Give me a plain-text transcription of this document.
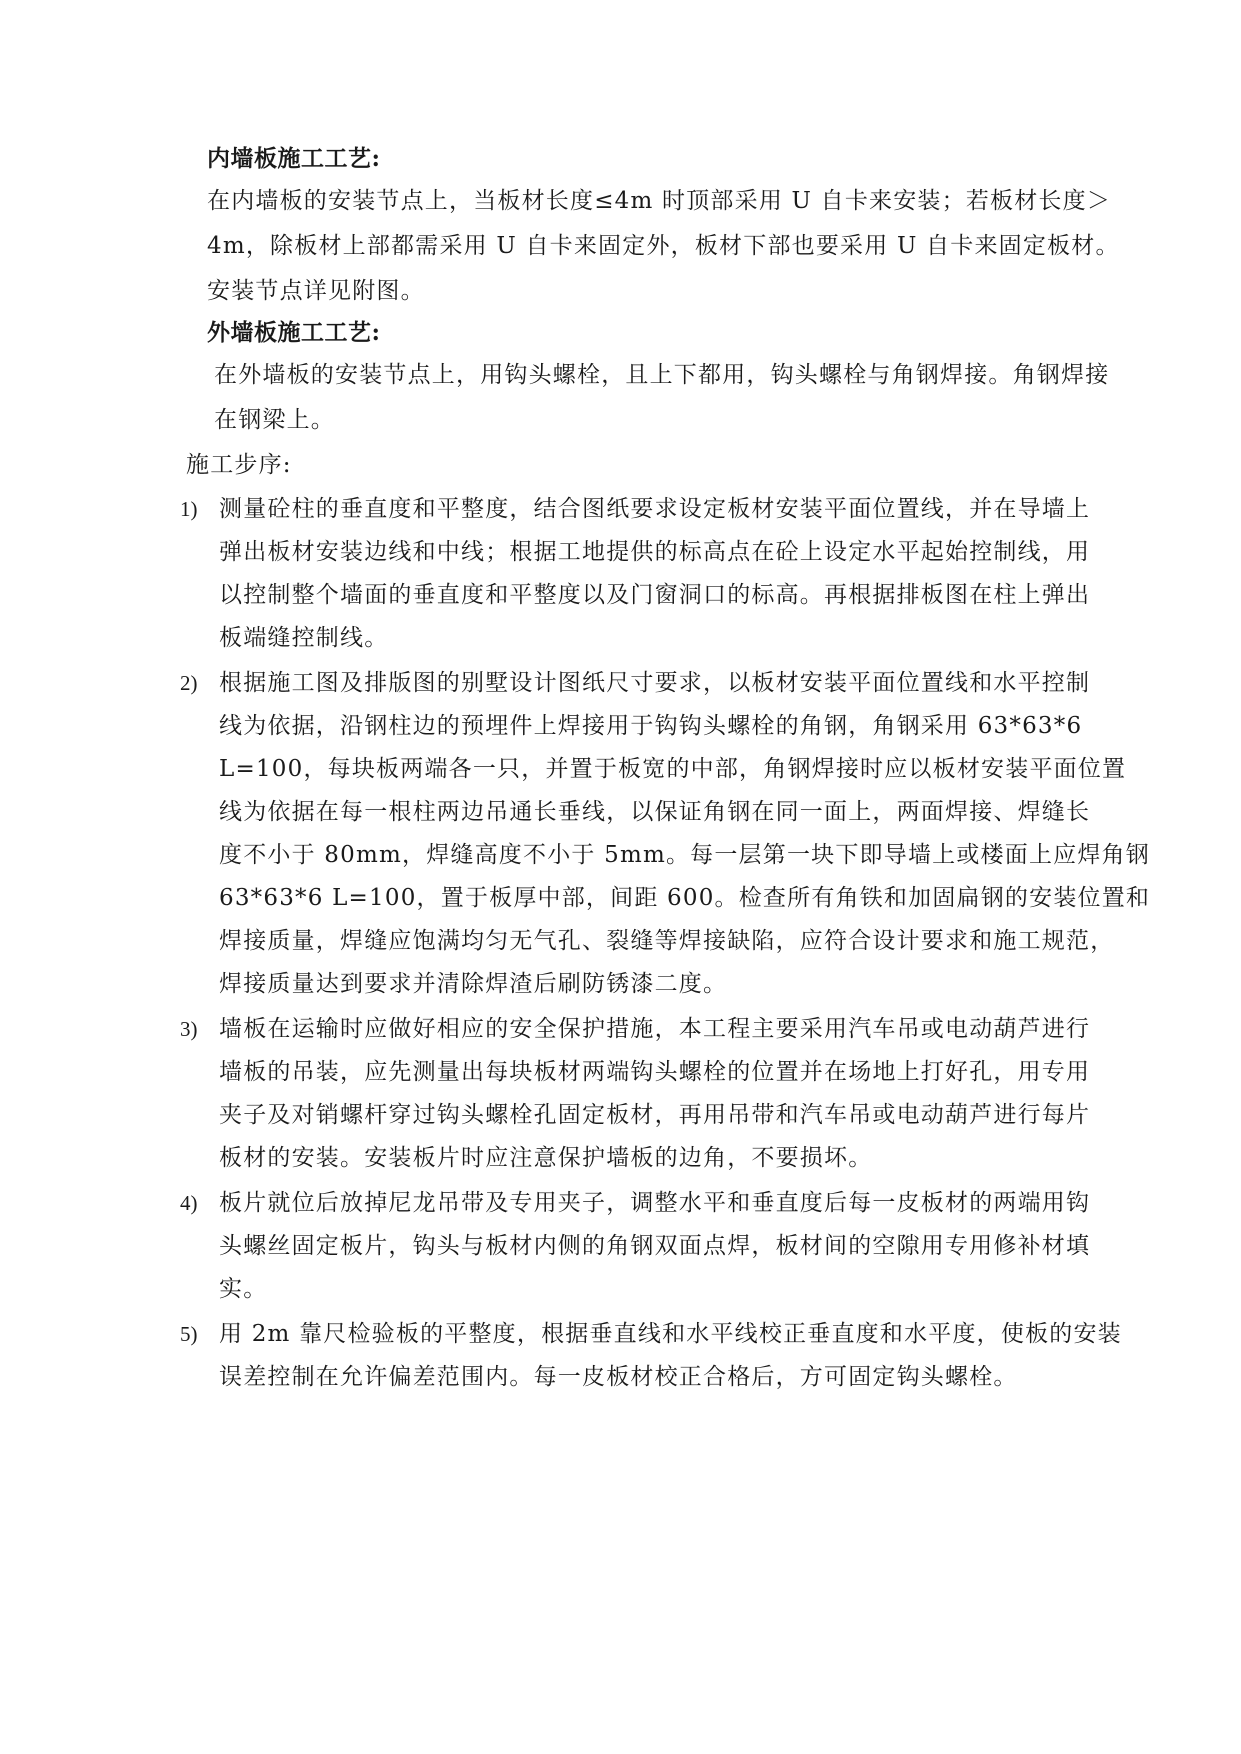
内墙板施工工艺:
在内墙板的安装节点上，当板材长度≤4m 时顶部采用 U 自卡来安装；若板材长度＞
4m，除板材上部都需采用 U 自卡来固定外，板材下部也要采用 U 自卡来固定板材。
安装节点详见附图。
外墙板施工工艺:
在外墙板的安装节点上，用钩头螺栓，且上下都用，钩头螺栓与角钢焊接。角钢焊接
在钢梁上。
施工步序:
1) 测量砼柱的垂直度和平整度，结合图纸要求设定板材安装平面位置线，并在导墙上
弹出板材安装边线和中线；根据工地提供的标高点在砼上设定水平起始控制线，用
以控制整个墙面的垂直度和平整度以及门窗洞口的标高。再根据排板图在柱上弹出
板端缝控制线。
2) 根据施工图及排版图的别墅设计图纸尺寸要求，以板材安装平面位置线和水平控制
线为依据，沿钢柱边的预埋件上焊接用于钩钩头螺栓的角钢，角钢采用 63*63*6
L=100，每块板两端各一只，并置于板宽的中部，角钢焊接时应以板材安装平面位置
线为依据在每一根柱两边吊通长垂线，以保证角钢在同一面上，两面焊接、焊缝长
度不小于 80mm，焊缝高度不小于 5mm。每一层第一块下即导墙上或楼面上应焊角钢
63*63*6 L=100，置于板厚中部，间距 600。检查所有角铁和加固扁钢的安装位置和
焊接质量，焊缝应饱满均匀无气孔、裂缝等焊接缺陷，应符合设计要求和施工规范，
焊接质量达到要求并清除焊渣后刷防锈漆二度。
3) 墙板在运输时应做好相应的安全保护措施，本工程主要采用汽车吊或电动葫芦进行
墙板的吊装，应先测量出每块板材两端钩头螺栓的位置并在场地上打好孔，用专用
夹子及对销螺杆穿过钩头螺栓孔固定板材，再用吊带和汽车吊或电动葫芦进行每片
板材的安装。安装板片时应注意保护墙板的边角，不要损坏。
4) 板片就位后放掉尼龙吊带及专用夹子，调整水平和垂直度后每一皮板材的两端用钩
头螺丝固定板片，钩头与板材内侧的角钢双面点焊，板材间的空隙用专用修补材填
实。
5) 用 2m 靠尺检验板的平整度，根据垂直线和水平线校正垂直度和水平度，使板的安装
误差控制在允许偏差范围内。每一皮板材校正合格后，方可固定钩头螺栓。
